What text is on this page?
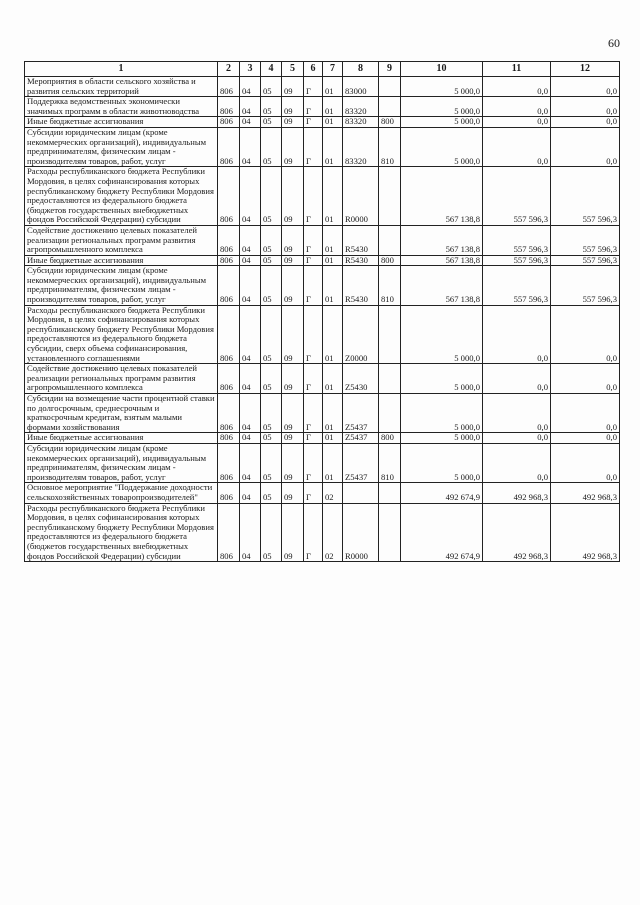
60
1	2	3	4	5	6	7	8	9	10	11	12
Мероприятия в области сельского хозяйства и развития сельских территорий	806	04	05	09	Г	01	83000		5 000,0	0,0	0,0
Поддержка ведомственных экономически значимых программ в области животноводства	806	04	05	09	Г	01	83320		5 000,0	0,0	0,0
Иные бюджетные ассигнования	806	04	05	09	Г	01	83320	800	5 000,0	0,0	0,0
Субсидии юридическим лицам (кроме некоммерческих организаций), индивидуальным предпринимателям, физическим лицам - производителям товаров, работ, услуг	806	04	05	09	Г	01	83320	810	5 000,0	0,0	0,0
Расходы республиканского бюджета Республики Мордовия, в целях софинансирования которых республиканскому бюджету Республики Мордовия предоставляются из федерального бюджета (бюджетов государственных внебюджетных фондов Российской Федерации) субсидии	806	04	05	09	Г	01	R0000		567 138,8	557 596,3	557 596,3
Содействие достижению целевых показателей реализации региональных программ развития агропромышленного комплекса	806	04	05	09	Г	01	R5430		567 138,8	557 596,3	557 596,3
Иные бюджетные ассигнования	806	04	05	09	Г	01	R5430	800	567 138,8	557 596,3	557 596,3
Субсидии юридическим лицам (кроме некоммерческих организаций), индивидуальным предпринимателям, физическим лицам - производителям товаров, работ, услуг	806	04	05	09	Г	01	R5430	810	567 138,8	557 596,3	557 596,3
Расходы республиканского бюджета Республики Мордовия, в целях софинансирования которых республиканскому бюджету Республики Мордовия предоставляются из федерального бюджета субсидии, сверх объема софинансирования, установленного соглашениями	806	04	05	09	Г	01	Z0000		5 000,0	0,0	0,0
Содействие достижению целевых показателей реализации региональных программ развития агропромышленного комплекса	806	04	05	09	Г	01	Z5430		5 000,0	0,0	0,0
Субсидии на возмещение части процентной ставки по долгосрочным, среднесрочным и краткосрочным кредитам, взятым малыми формами хозяйствования	806	04	05	09	Г	01	Z5437		5 000,0	0,0	0,0
Иные бюджетные ассигнования	806	04	05	09	Г	01	Z5437	800	5 000,0	0,0	0,0
Субсидии юридическим лицам (кроме некоммерческих организаций), индивидуальным предпринимателям, физическим лицам - производителям товаров, работ, услуг	806	04	05	09	Г	01	Z5437	810	5 000,0	0,0	0,0
Основное мероприятие "Поддержание доходности сельскохозяйственных товаропроизводителей"	806	04	05	09	Г	02			492 674,9	492 968,3	492 968,3
Расходы республиканского бюджета Республики Мордовия, в целях софинансирования которых республиканскому бюджету Республики Мордовия предоставляются из федерального бюджета (бюджетов государственных внебюджетных фондов Российской Федерации) субсидии	806	04	05	09	Г	02	R0000		492 674,9	492 968,3	492 968,3
